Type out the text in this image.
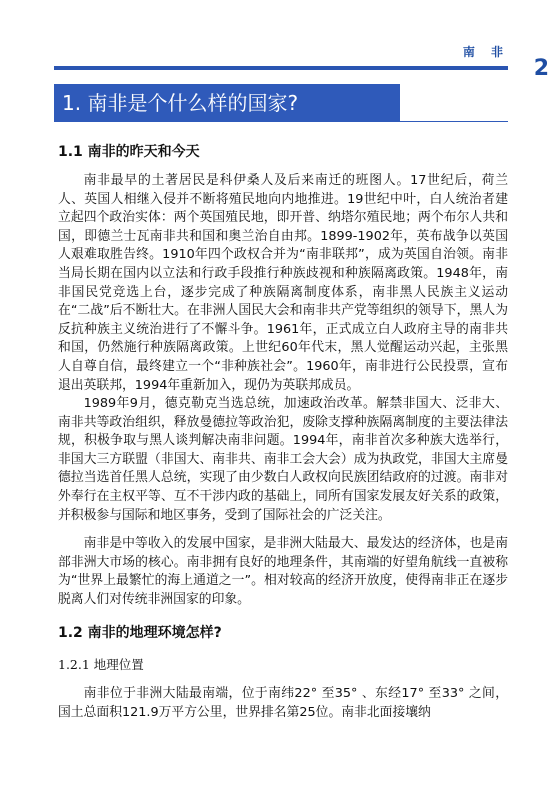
南 非
2
1. 南非是个什么样的国家?
1.1 南非的昨天和今天

南非最早的土著居民是科伊桑人及后来南迁的班图人。17世纪后，荷兰人、英国人相继入侵并不断将殖民地向内地推进。19世纪中叶，白人统治者建立起四个政治实体：两个英国殖民地，即开普、纳塔尔殖民地；两个布尔人共和国，即德兰士瓦南非共和国和奥兰治自由邦。1899-1902年，英布战争以英国人艰难取胜告终。1910年四个政权合并为“南非联邦”，成为英国自治领。南非当局长期在国内以立法和行政手段推行种族歧视和种族隔离政策。1948年，南非国民党竞选上台，逐步完成了种族隔离制度体系，南非黑人民族主义运动在“二战”后不断壮大。在非洲人国民大会和南非共产党等组织的领导下，黑人为反抗种族主义统治进行了不懈斗争。1961年，正式成立白人政府主导的南非共和国，仍然施行种族隔离政策。上世纪60年代末，黑人觉醒运动兴起，主张黑人自尊自信，最终建立一个“非种族社会”。1960年，南非进行公民投票，宣布退出英联邦，1994年重新加入，现仍为英联邦成员。

1989年9月，德克勒克当选总统，加速政治改革。解禁非国大、泛非大、南非共等政治组织，释放曼德拉等政治犯，废除支撑种族隔离制度的主要法律法规，积极争取与黑人谈判解决南非问题。1994年，南非首次多种族大选举行，非国大三方联盟（非国大、南非共、南非工会大会）成为执政党，非国大主席曼德拉当选首任黑人总统，实现了由少数白人政权向民族团结政府的过渡。南非对外奉行在主权平等、互不干涉内政的基础上，同所有国家发展友好关系的政策，并积极参与国际和地区事务，受到了国际社会的广泛关注。

南非是中等收入的发展中国家，是非洲大陆最大、最发达的经济体，也是南部非洲大市场的核心。南非拥有良好的地理条件，其南端的好望角航线一直被称为“世界上最繁忙的海上通道之一”。相对较高的经济开放度，使得南非正在逐步脱离人们对传统非洲国家的印象。

1.2 南非的地理环境怎样?
1.2.1 地理位置

南非位于非洲大陆最南端，位于南纬22° 至35° 、东经17° 至33° 之间，国土总面积121.9万平方公里，世界排名第25位。南非北面接壤纳
